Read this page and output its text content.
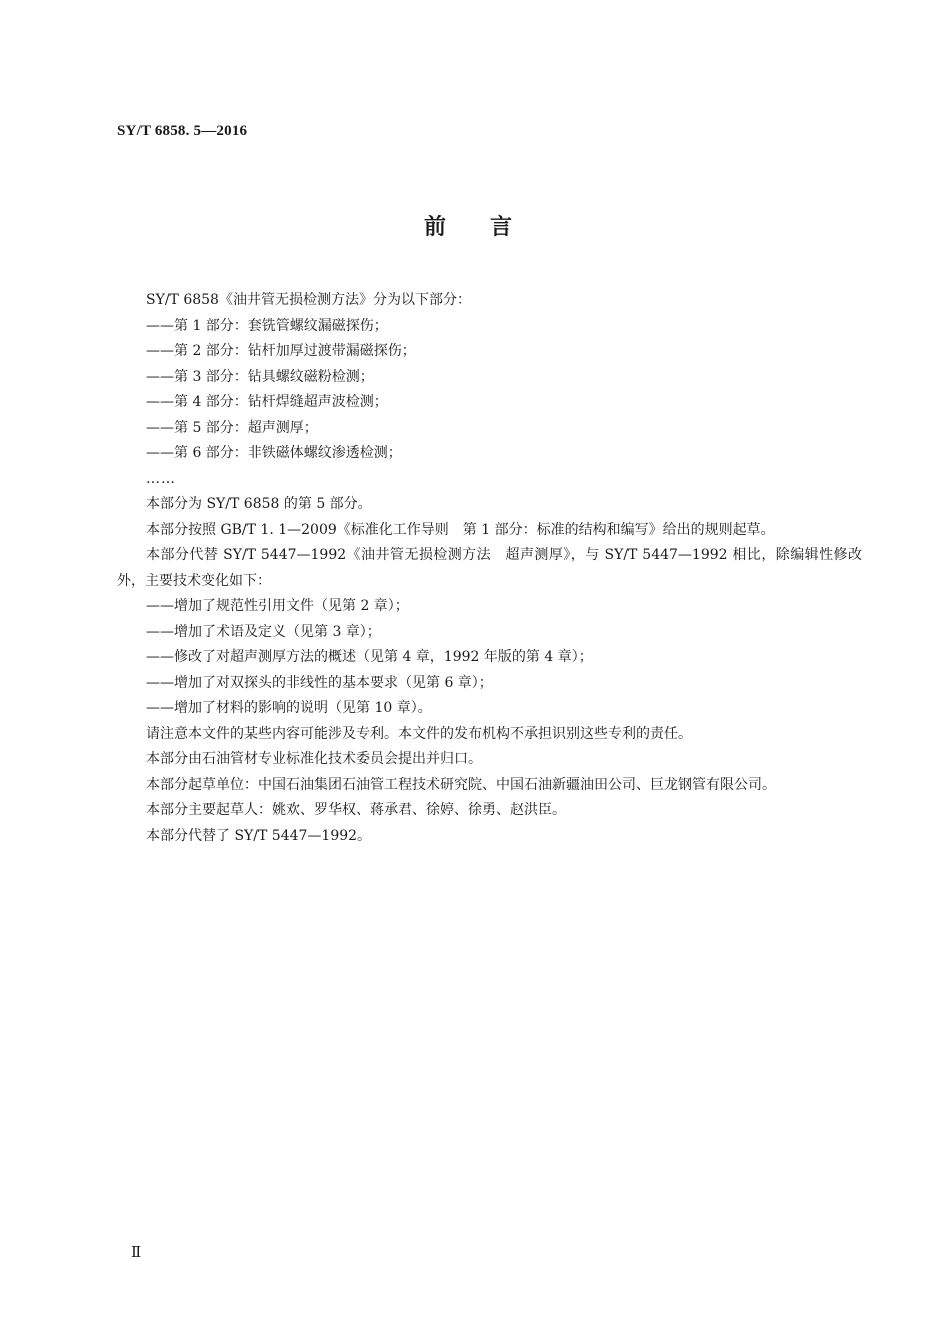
SY/T 6858. 5—2016
前言

SY/T 6858《油井管无损检测方法》分为以下部分：

——第 1 部分：套铣管螺纹漏磁探伤；

——第 2 部分：钻杆加厚过渡带漏磁探伤；

——第 3 部分：钻具螺纹磁粉检测；

——第 4 部分：钻杆焊缝超声波检测；

——第 5 部分：超声测厚；

——第 6 部分：非铁磁体螺纹渗透检测；

……

本部分为 SY/T 6858 的第 5 部分。

本部分按照 GB/T 1. 1—2009《标准化工作导则　第 1 部分：标准的结构和编写》给出的规则起草。

本部分代替 SY/T 5447—1992《油井管无损检测方法　超声测厚》，与 SY/T 5447—1992 相比，除编辑性修改外，主要技术变化如下：

——增加了规范性引用文件（见第 2 章）；

——增加了术语及定义（见第 3 章）；

——修改了对超声测厚方法的概述（见第 4 章，1992 年版的第 4 章）；

——增加了对双探头的非线性的基本要求（见第 6 章）；

——增加了材料的影响的说明（见第 10 章）。

请注意本文件的某些内容可能涉及专利。本文件的发布机构不承担识别这些专利的责任。

本部分由石油管材专业标准化技术委员会提出并归口。

本部分起草单位：中国石油集团石油管工程技术研究院、中国石油新疆油田公司、巨龙钢管有限公司。

本部分主要起草人：姚欢、罗华权、蒋承君、徐婷、徐勇、赵洪臣。

本部分代替了 SY/T 5447—1992。

Ⅱ
